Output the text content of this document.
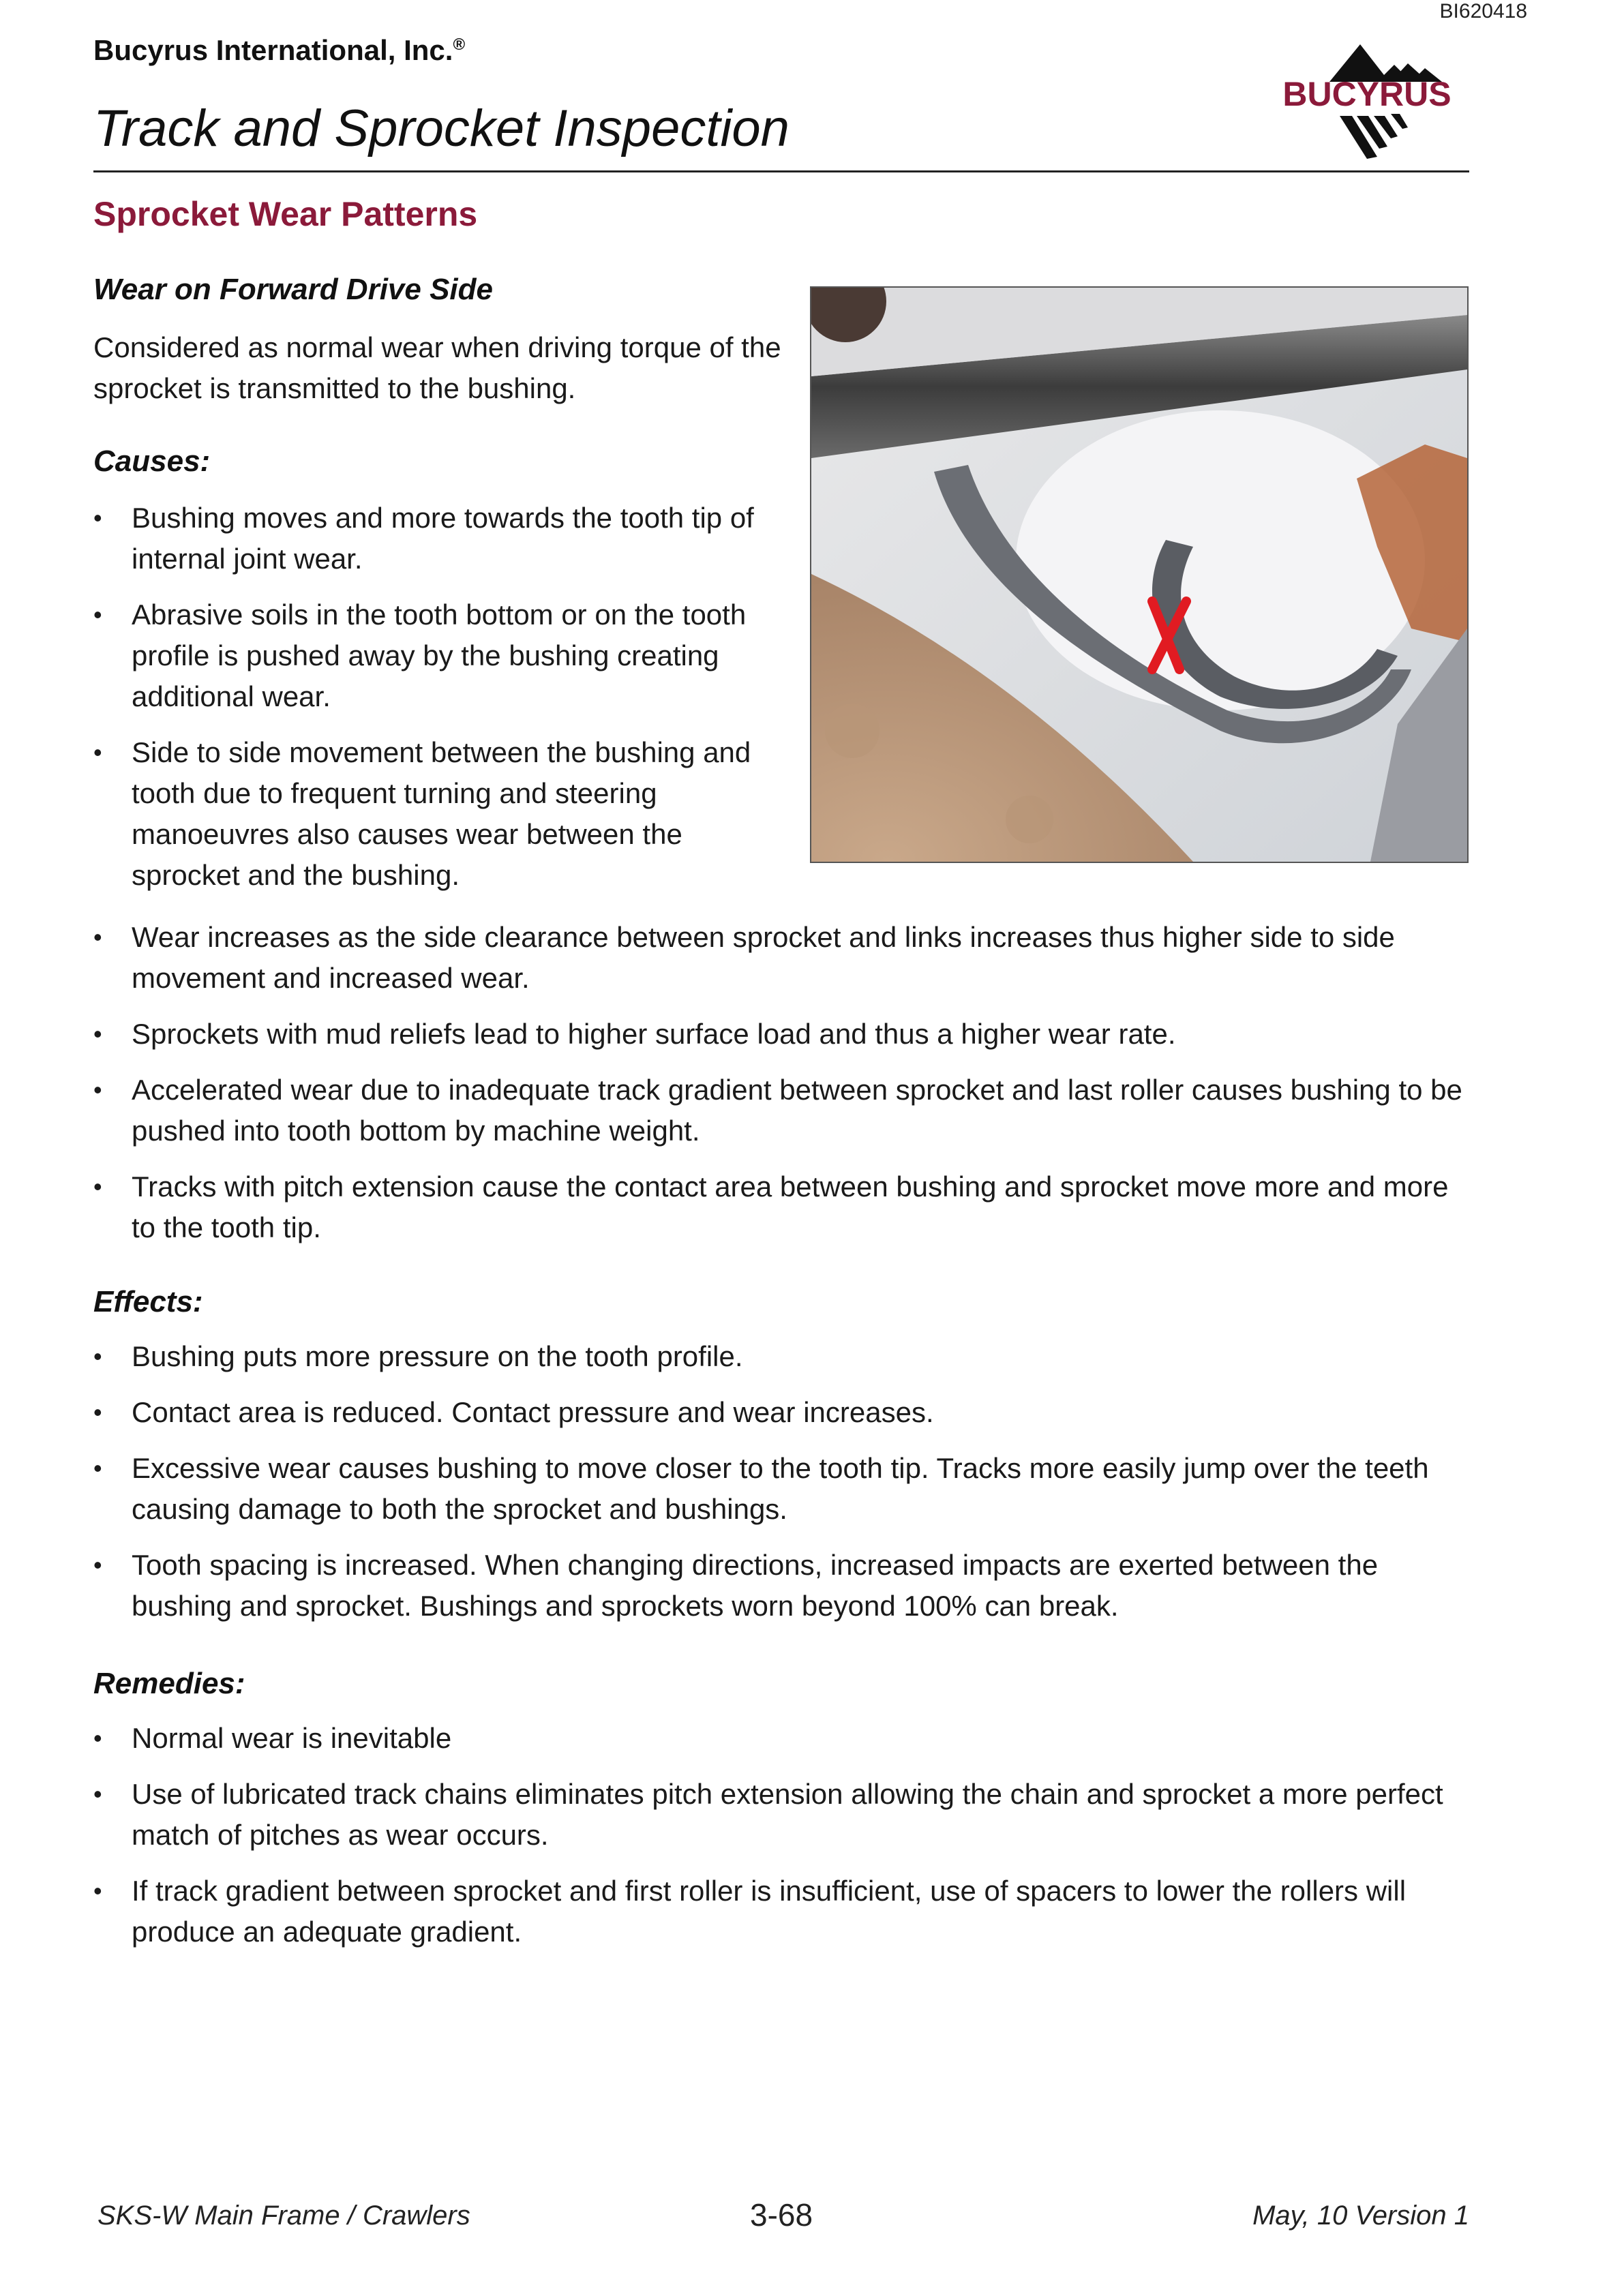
BI620418
Bucyrus International, Inc.®
BUCYRUS
Track and Sprocket Inspection
Sprocket Wear Patterns
Wear on Forward Drive Side
Considered as normal wear when driving torque of the sprocket is transmitted to the bushing.
Causes:
• Bushing moves and more towards the tooth tip of internal joint wear.
• Abrasive soils in the tooth bottom or on the tooth profile is pushed away by the bushing creating additional wear.
• Side to side movement between the bushing and tooth due to frequent turning and steering manoeuvres also causes wear between the sprocket and the bushing.
• Wear increases as the side clearance between sprocket and links increases thus higher side to side movement and increased wear.
• Sprockets with mud reliefs lead to higher surface load and thus a higher wear rate.
• Accelerated wear due to inadequate track gradient between sprocket and last roller causes bushing to be pushed into tooth bottom by machine weight.
• Tracks with pitch extension cause the contact area between bushing and sprocket move more and more to the tooth tip.
Effects:
• Bushing puts more pressure on the tooth profile.
• Contact area is reduced. Contact pressure and wear increases.
• Excessive wear causes bushing to move closer to the tooth tip. Tracks more easily jump over the teeth causing damage to both the sprocket and bushings.
• Tooth spacing is increased. When changing directions, increased impacts are exerted between the bushing and sprocket. Bushings and sprockets worn beyond 100% can break.
Remedies:
• Normal wear is inevitable
• Use of lubricated track chains eliminates pitch extension allowing the chain and sprocket a more perfect match of pitches as wear occurs.
• If track gradient between sprocket and first roller is insufficient, use of spacers to lower the rollers will produce an adequate gradient.
SKS-W Main Frame / Crawlers	3-68	May, 10 Version 1
